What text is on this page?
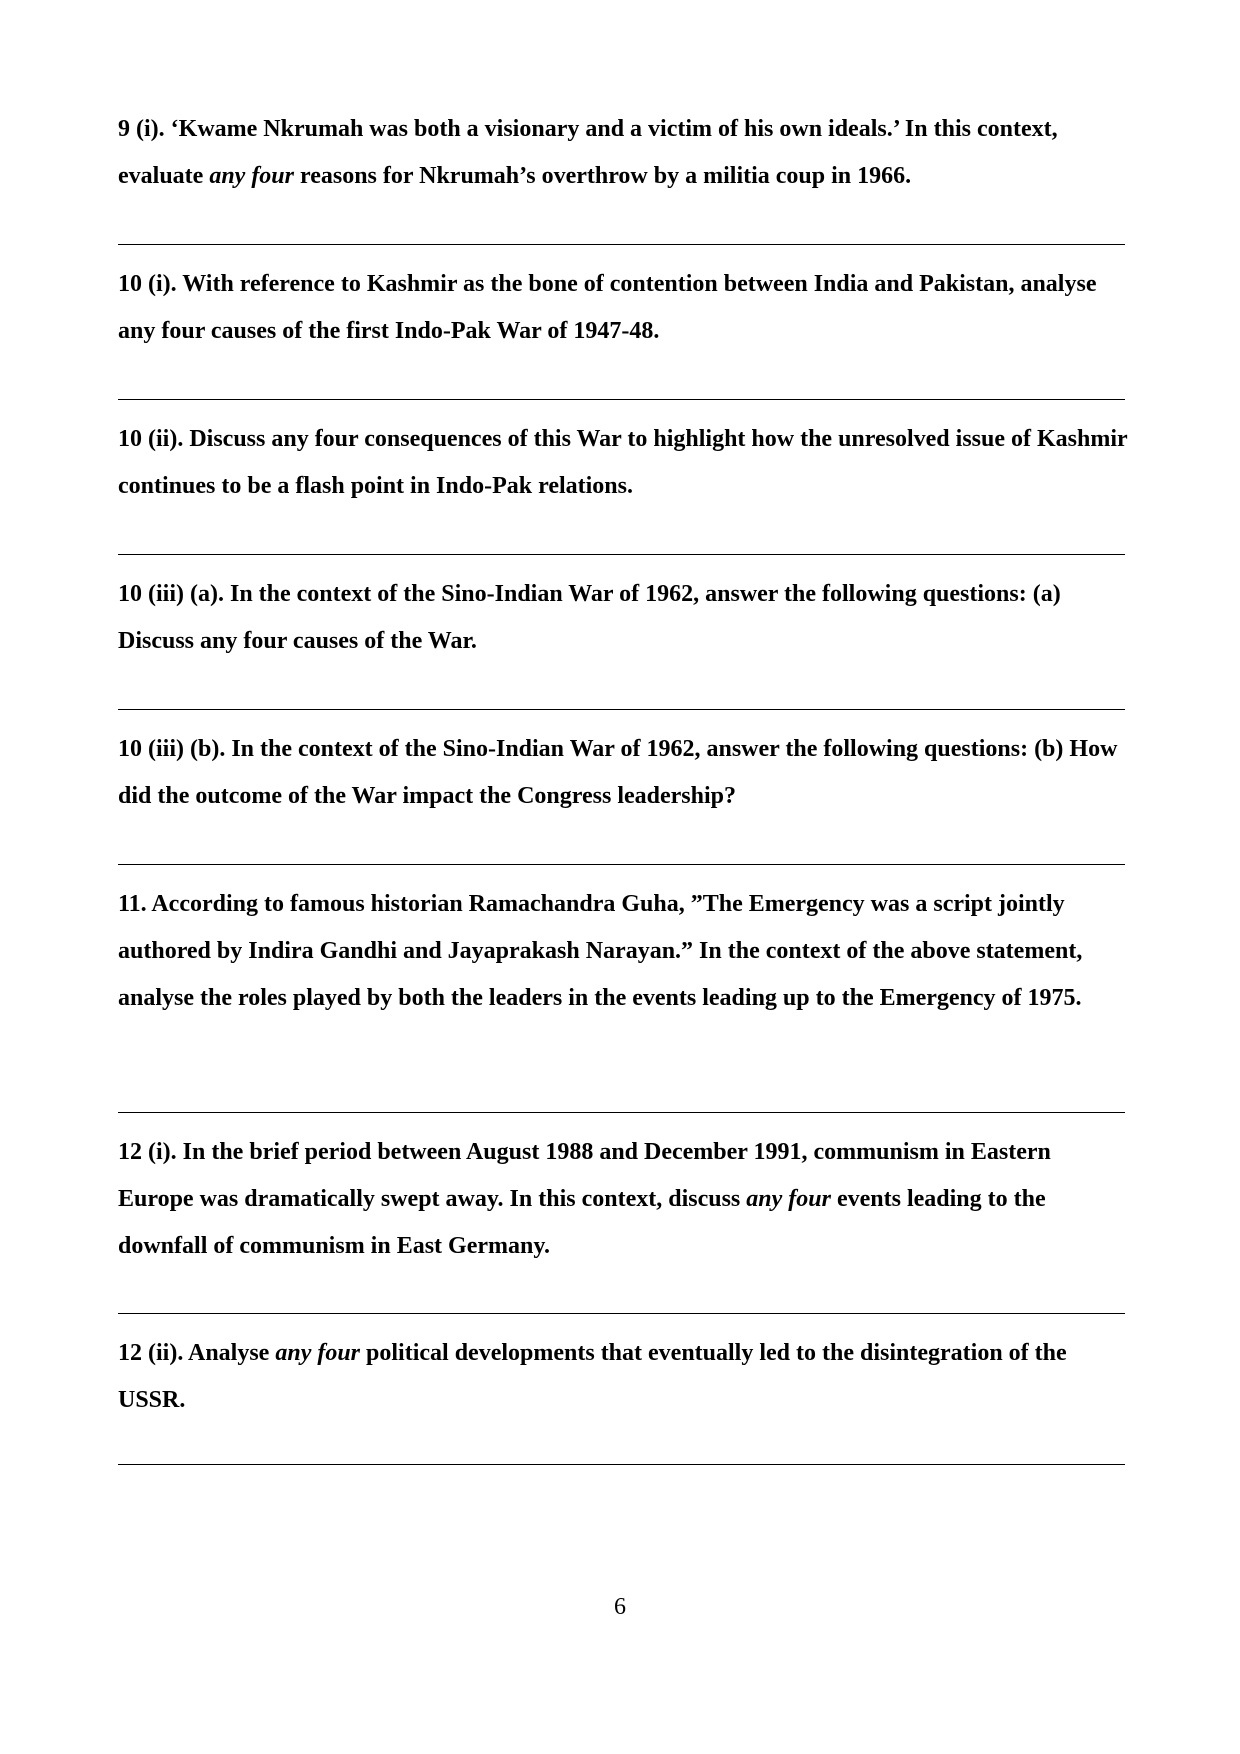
9 (i). ‘Kwame Nkrumah was both a visionary and a victim of his own ideals.’ In this context, evaluate any four reasons for Nkrumah’s overthrow by a militia coup in 1966.

10 (i). With reference to Kashmir as the bone of contention between India and Pakistan, analyse any four causes of the first Indo-Pak War of 1947-48.

10 (ii). Discuss any four consequences of this War to highlight how the unresolved issue of Kashmir continues to be a flash point in Indo-Pak relations.

10 (iii) (a). In the context of the Sino-Indian War of 1962, answer the following questions: (a) Discuss any four causes of the War.

10 (iii) (b). In the context of the Sino-Indian War of 1962, answer the following questions: (b) How did the outcome of the War impact the Congress leadership?

11. According to famous historian Ramachandra Guha, ”The Emergency was a script jointly authored by Indira Gandhi and Jayaprakash Narayan.” In the context of the above statement, analyse the roles played by both the leaders in the events leading up to the Emergency of 1975.

12 (i). In the brief period between August 1988 and December 1991, communism in Eastern Europe was dramatically swept away. In this context, discuss any four events leading to the downfall of communism in East Germany.

12 (ii). Analyse any four political developments that eventually led to the disintegration of the USSR.

6
